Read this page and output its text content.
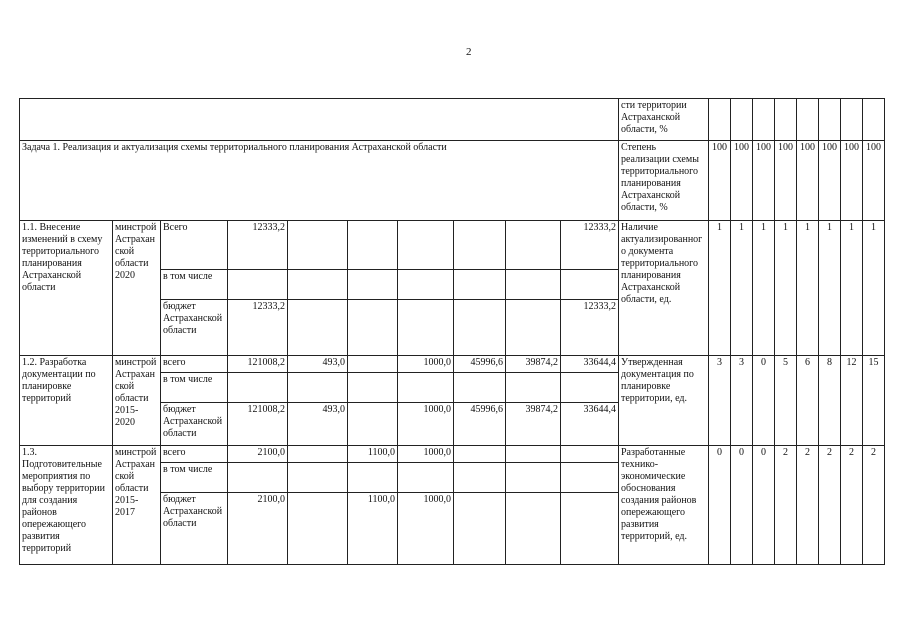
2
										сти территории Астраханской области, %								
Задача 1. Реализация и актуализация схемы территориального планирования Астраханской области										Степень реализации схемы территориального планирования Астраханской области, %	100	100	100	100	100	100	100	100
1.1. Внесение изменений в схему территориального планирования Астраханской области	минстрой Астраханской области 2020	Всего	12333,2						12333,2	Наличие актуализированного документа территориального планирования Астраханской области, ед.	1	1	1	1	1	1	1	1
		в том числе																
		бюджет Астраханской области	12333,2						12333,2									
1.2. Разработка документации по планировке территорий	минстрой Астраханской области 2015-2020	всего	121008,2	493,0		1000,0	45996,6	39874,2	33644,4	Утвержденная документация по планировке территории, ед.	3	3	0	5	6	8	12	15
		в том числе																
		бюджет Астраханской области	121008,2	493,0		1000,0	45996,6	39874,2	33644,4									
1.3. Подготовительные мероприятия по выбору территории для создания районов опережающего развития территорий	минстрой Астраханской области 2015-2017	всего	2100,0		1100,0	1000,0				Разработанные технико-экономические обоснования создания районов опережающего развития территорий, ед.	0	0	0	2	2	2	2	2
		в том числе																
		бюджет Астраханской области	2100,0		1100,0	1000,0												
